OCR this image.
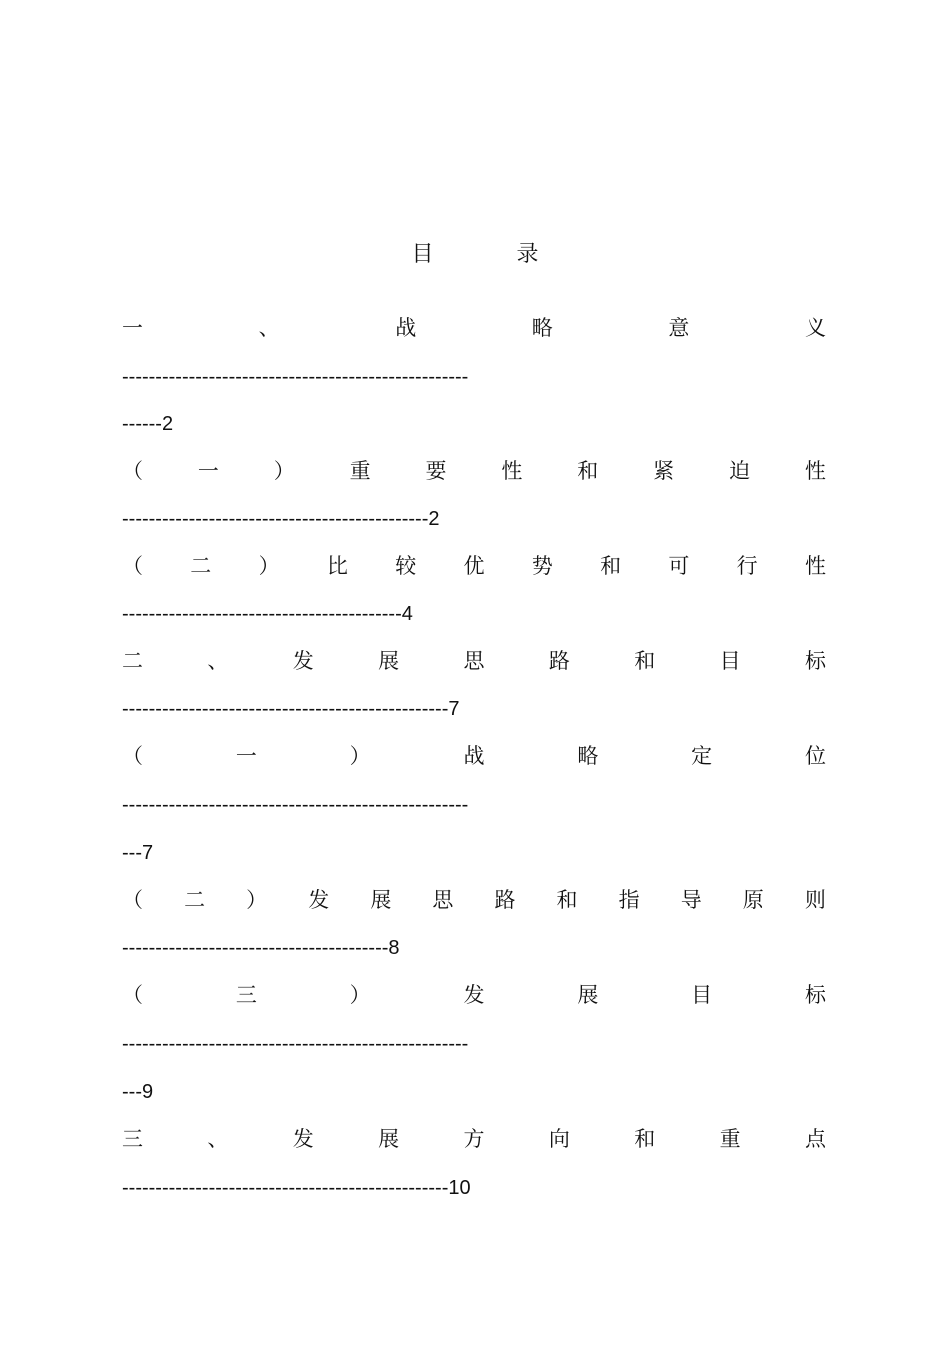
目 录
一	、	战	略	意	义
----------------------------------------------------
------2
（	一	）	重	要	性	和	紧	迫	性
----------------------------------------------2
（ 二 ） 比 较 优 势 和 可 行 性
------------------------------------------4
二	、	发	展	思	路	和	目	标
-------------------------------------------------7
（	一	）	战	略	定	位
----------------------------------------------------
---7
（ 二 ） 发 展 思 路 和 指 导 原 则
----------------------------------------8
（	三	）	发	展	目	标
----------------------------------------------------
---9
三	、	发	展	方	向	和	重	点
-------------------------------------------------10
